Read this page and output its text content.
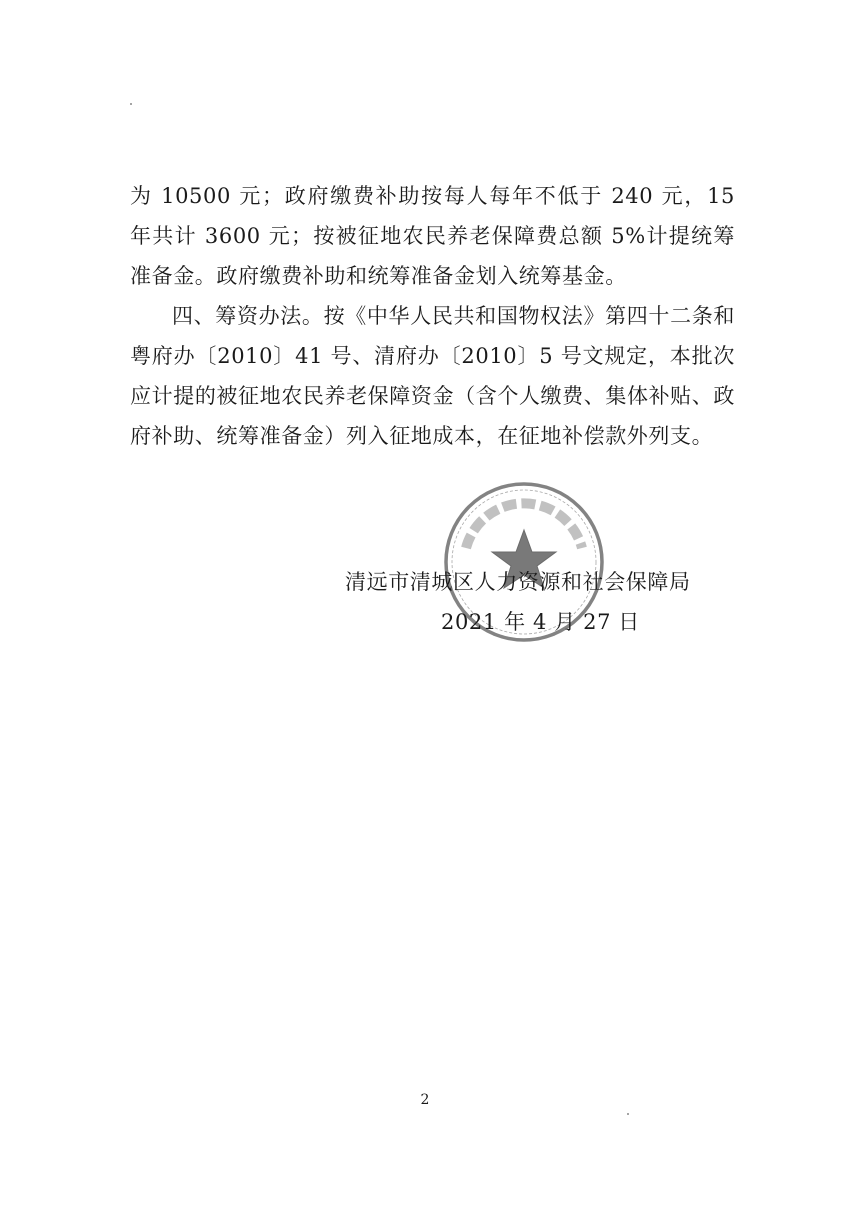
为 10500 元；政府缴费补助按每人每年不低于 240 元，15 年共计 3600 元；按被征地农民养老保障费总额 5%计提统筹准备金。政府缴费补助和统筹准备金划入统筹基金。

四、筹资办法。按《中华人民共和国物权法》第四十二条和粤府办〔2010〕41 号、清府办〔2010〕5 号文规定，本批次应计提的被征地农民养老保障资金（含个人缴费、集体补贴、政府补助、统筹准备金）列入征地成本，在征地补偿款外列支。

清远市清城区人力资源和社会保障局
2021 年 4 月 27 日
2
